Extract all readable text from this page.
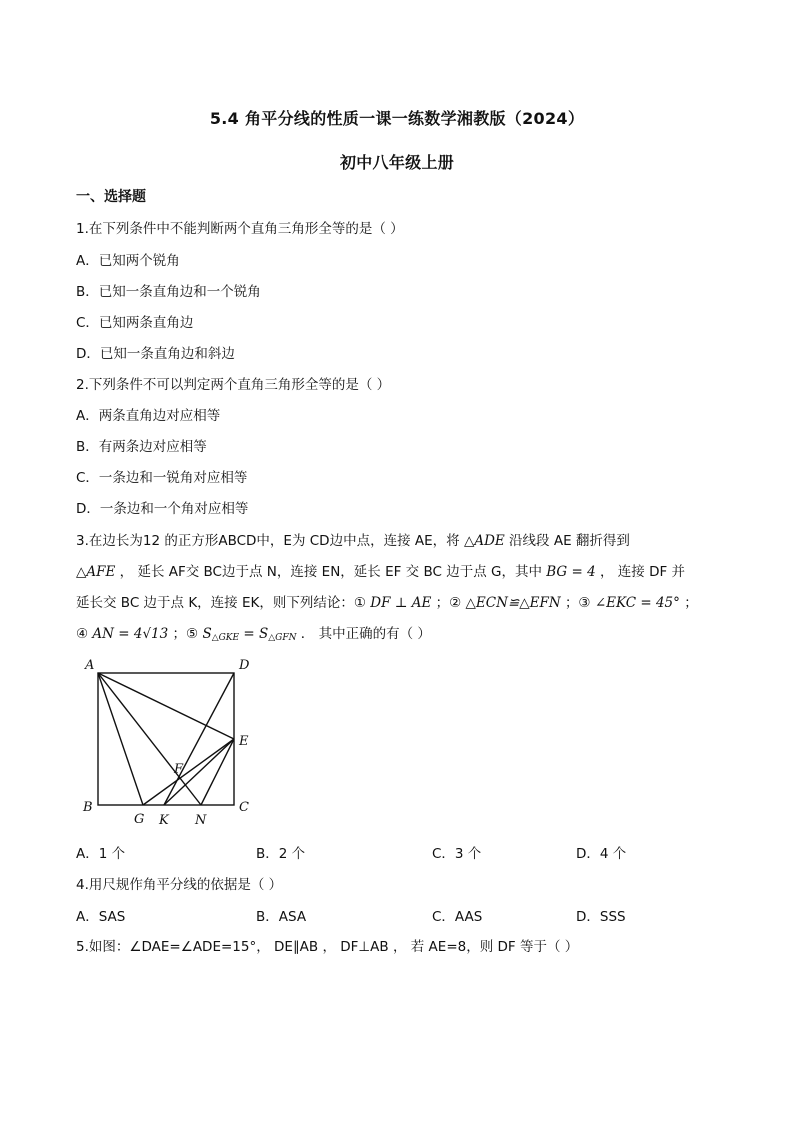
5.4 角平分线的性质一课一练数学湘教版（2024）
初中八年级上册
一、选择题
1.在下列条件中不能判断两个直角三角形全等的是（ ）
A．已知两个锐角
B．已知一条直角边和一个锐角
C．已知两条直角边
D．已知一条直角边和斜边
2.下列条件不可以判定两个直角三角形全等的是（ ）
A．两条直角边对应相等
B．有两条边对应相等
C．一条边和一锐角对应相等
D．一条边和一个角对应相等
3.在边长为12 的正方形ABCD中，E为 CD边中点，连接 AE，将 △ADE 沿线段 AE 翻折得到
△AFE ， 延长 AF交 BC边于点 N，连接 EN，延长 EF 交 BC 边于点 G，其中 BG = 4 ， 连接 DF 并
延长交 BC 边于点 K，连接 EK，则下列结论：① DF ⊥ AE ；② △ECN≌△EFN ；③ ∠EKC = 45° ；
④ AN = 4√13 ；⑤ $S_{\triangle GKE} = S_{\triangle GFN}$ ． 其中正确的有（ ）
A	D
E
F
B	C
G K N
A．1 个	B．2 个	C．3 个	D．4 个
4.用尺规作角平分线的依据是（ ）
A．SAS	B．ASA	C．AAS	D．SSS
5.如图：∠DAE=∠ADE=15°， DE∥AB ， DF⊥AB ， 若 AE=8，则 DF 等于（ ）
